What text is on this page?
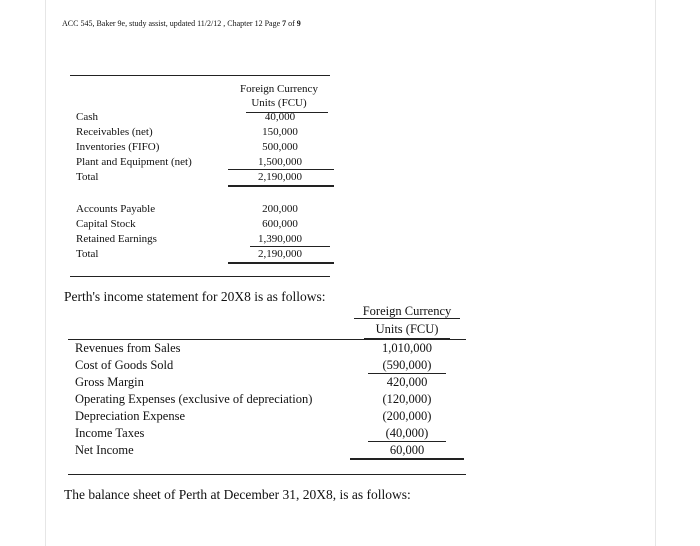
ACC 545, Baker 9e, study assist, updated 11/2/12 , Chapter 12 Page 7 of 9
Foreign Currency
Units (FCU)
Cash
Receivables (net)
Inventories (FIFO)
Plant and Equipment (net)
Total
40,000
150,000
500,000
1,500,000
2,190,000
Accounts Payable
Capital Stock
Retained Earnings
Total
200,000
600,000
1,390,000
2,190,000
Perth's income statement for 20X8 is as follows:
Foreign Currency
Units (FCU)
Revenues from Sales
Cost of Goods Sold
Gross Margin
Operating Expenses (exclusive of depreciation)
Depreciation Expense
Income Taxes
Net Income
1,010,000
(590,000)
420,000
(120,000)
(200,000)
(40,000)
60,000
The balance sheet of Perth at December 31, 20X8, is as follows:
